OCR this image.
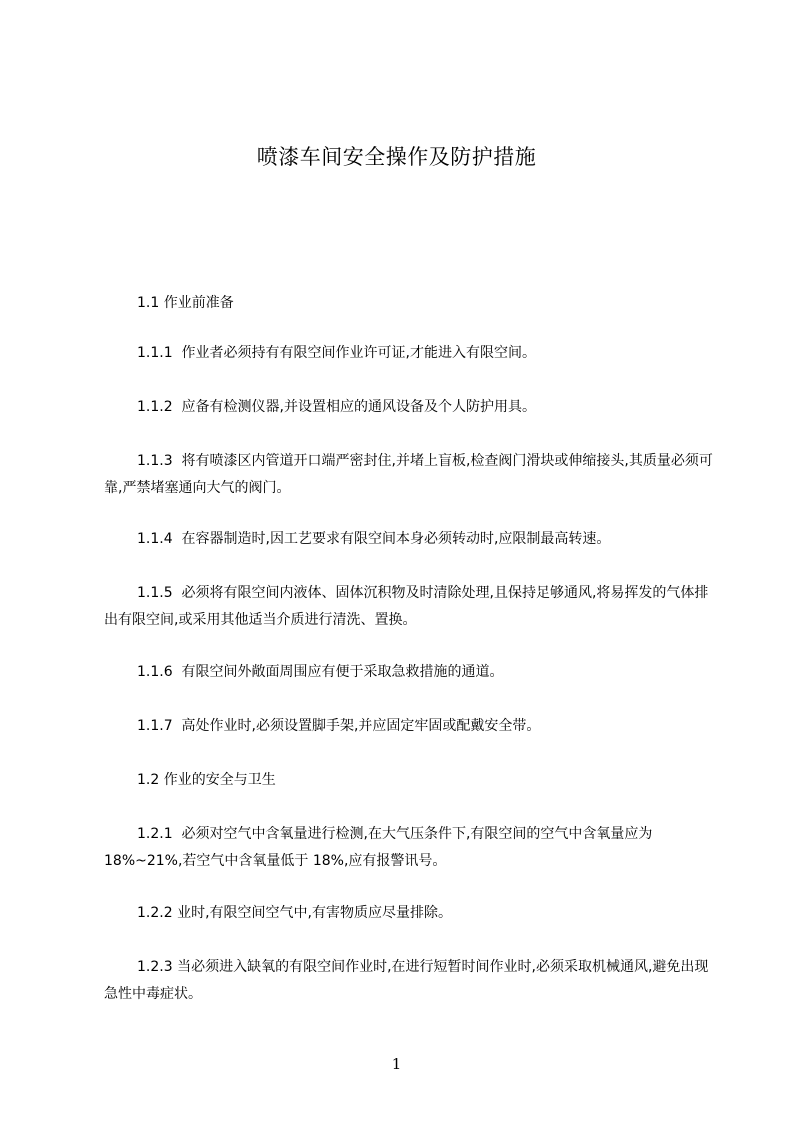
喷漆车间安全操作及防护措施
1.1 作业前准备
1.1.1  作业者必须持有有限空间作业许可证,才能进入有限空间。
1.1.2  应备有检测仪器,并设置相应的通风设备及个人防护用具。
1.1.3  将有喷漆区内管道开口端严密封住,并堵上盲板,检查阀门滑块或伸缩接头,其质量必须可靠,严禁堵塞通向大气的阀门。
1.1.4  在容器制造时,因工艺要求有限空间本身必须转动时,应限制最高转速。
1.1.5  必须将有限空间内液体、固体沉积物及时清除处理,且保持足够通风,将易挥发的气体排出有限空间,或采用其他适当介质进行清洗、置换。
1.1.6  有限空间外敞面周围应有便于采取急救措施的通道。
1.1.7  高处作业时,必须设置脚手架,并应固定牢固或配戴安全带。
1.2 作业的安全与卫生
1.2.1  必须对空气中含氧量进行检测,在大气压条件下,有限空间的空气中含氧量应为 18%~21%,若空气中含氧量低于 18%,应有报警讯号。
1.2.2 业时,有限空间空气中,有害物质应尽量排除。
1.2.3 当必须进入缺氧的有限空间作业时,在进行短暂时间作业时,必须采取机械通风,避免出现急性中毒症状。
1
